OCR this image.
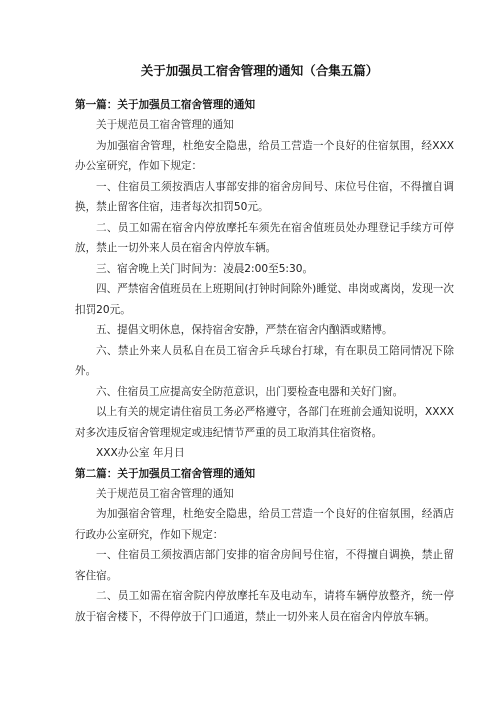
关于加强员工宿舍管理的通知（合集五篇）
第一篇：关于加强员工宿舍管理的通知

关于规范员工宿舍管理的通知

为加强宿舍管理，杜绝安全隐患，给员工营造一个良好的住宿氛围，经XXX办公室研究，作如下规定：

一、住宿员工须按酒店人事部安排的宿舍房间号、床位号住宿，不得擅自调换，禁止留客住宿，违者每次扣罚50元。

二、员工如需在宿舍内停放摩托车须先在宿舍值班员处办理登记手续方可停放，禁止一切外来人员在宿舍内停放车辆。

三、宿舍晚上关门时间为：凌晨2:00至5:30。

四、严禁宿舍值班员在上班期间(打钟时间除外)睡觉、串岗或离岗，发现一次扣罚20元。

五、提倡文明休息，保持宿舍安静，严禁在宿舍内酗酒或赌博。

六、禁止外来人员私自在员工宿舍乒乓球台打球，有在职员工陪同情况下除外。

六、住宿员工应提高安全防范意识，出门要检查电器和关好门窗。

以上有关的规定请住宿员工务必严格遵守，各部门在班前会通知说明，XXXX对多次违反宿舍管理规定或违纪情节严重的员工取消其住宿资格。

XXX办公室 年月日

第二篇：关于加强员工宿舍管理的通知

关于规范员工宿舍管理的通知

为加强宿舍管理，杜绝安全隐患，给员工营造一个良好的住宿氛围，经酒店行政办公室研究，作如下规定：

一、住宿员工须按酒店部门安排的宿舍房间号住宿，不得擅自调换，禁止留客住宿。

二、员工如需在宿舍院内停放摩托车及电动车，请将车辆停放整齐，统一停放于宿舍楼下，不得停放于门口通道，禁止一切外来人员在宿舍内停放车辆。
